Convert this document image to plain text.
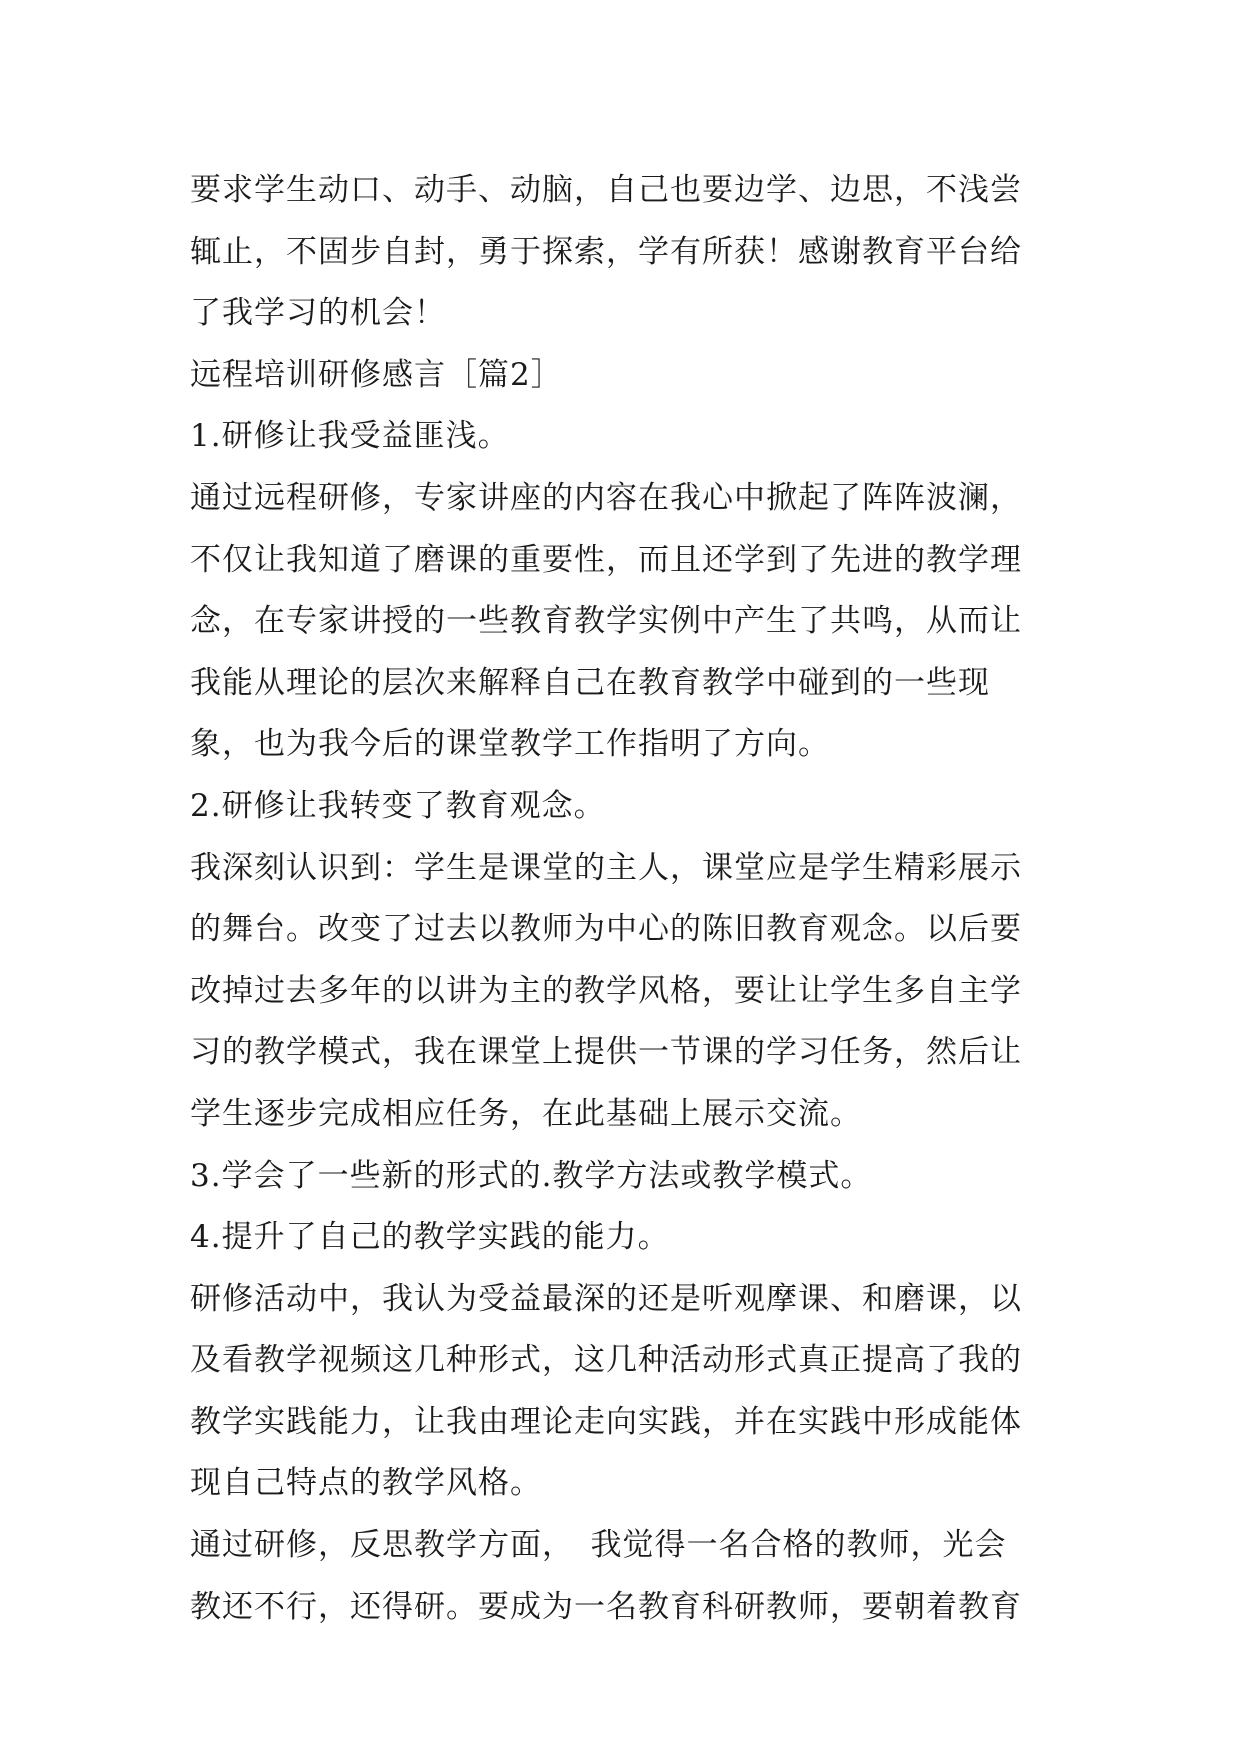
要求学生动口、动手、动脑，自己也要边学、边思，不浅尝
辄止，不固步自封，勇于探索，学有所获！感谢教育平台给
了我学习的机会！
远程培训研修感言［篇2］
1.研修让我受益匪浅。
通过远程研修，专家讲座的内容在我心中掀起了阵阵波澜，
不仅让我知道了磨课的重要性，而且还学到了先进的教学理
念，在专家讲授的一些教育教学实例中产生了共鸣，从而让
我能从理论的层次来解释自己在教育教学中碰到的一些现
象，也为我今后的课堂教学工作指明了方向。
2.研修让我转变了教育观念。
我深刻认识到：学生是课堂的主人，课堂应是学生精彩展示
的舞台。改变了过去以教师为中心的陈旧教育观念。以后要
改掉过去多年的以讲为主的教学风格，要让让学生多自主学
习的教学模式，我在课堂上提供一节课的学习任务，然后让
学生逐步完成相应任务，在此基础上展示交流。
3.学会了一些新的形式的.教学方法或教学模式。
4.提升了自己的教学实践的能力。
研修活动中，我认为受益最深的还是听观摩课、和磨课，以
及看教学视频这几种形式，这几种活动形式真正提高了我的
教学实践能力，让我由理论走向实践，并在实践中形成能体
现自己特点的教学风格。
通过研修，反思教学方面，　我觉得一名合格的教师，光会
教还不行，还得研。要成为一名教育科研教师，要朝着教育
